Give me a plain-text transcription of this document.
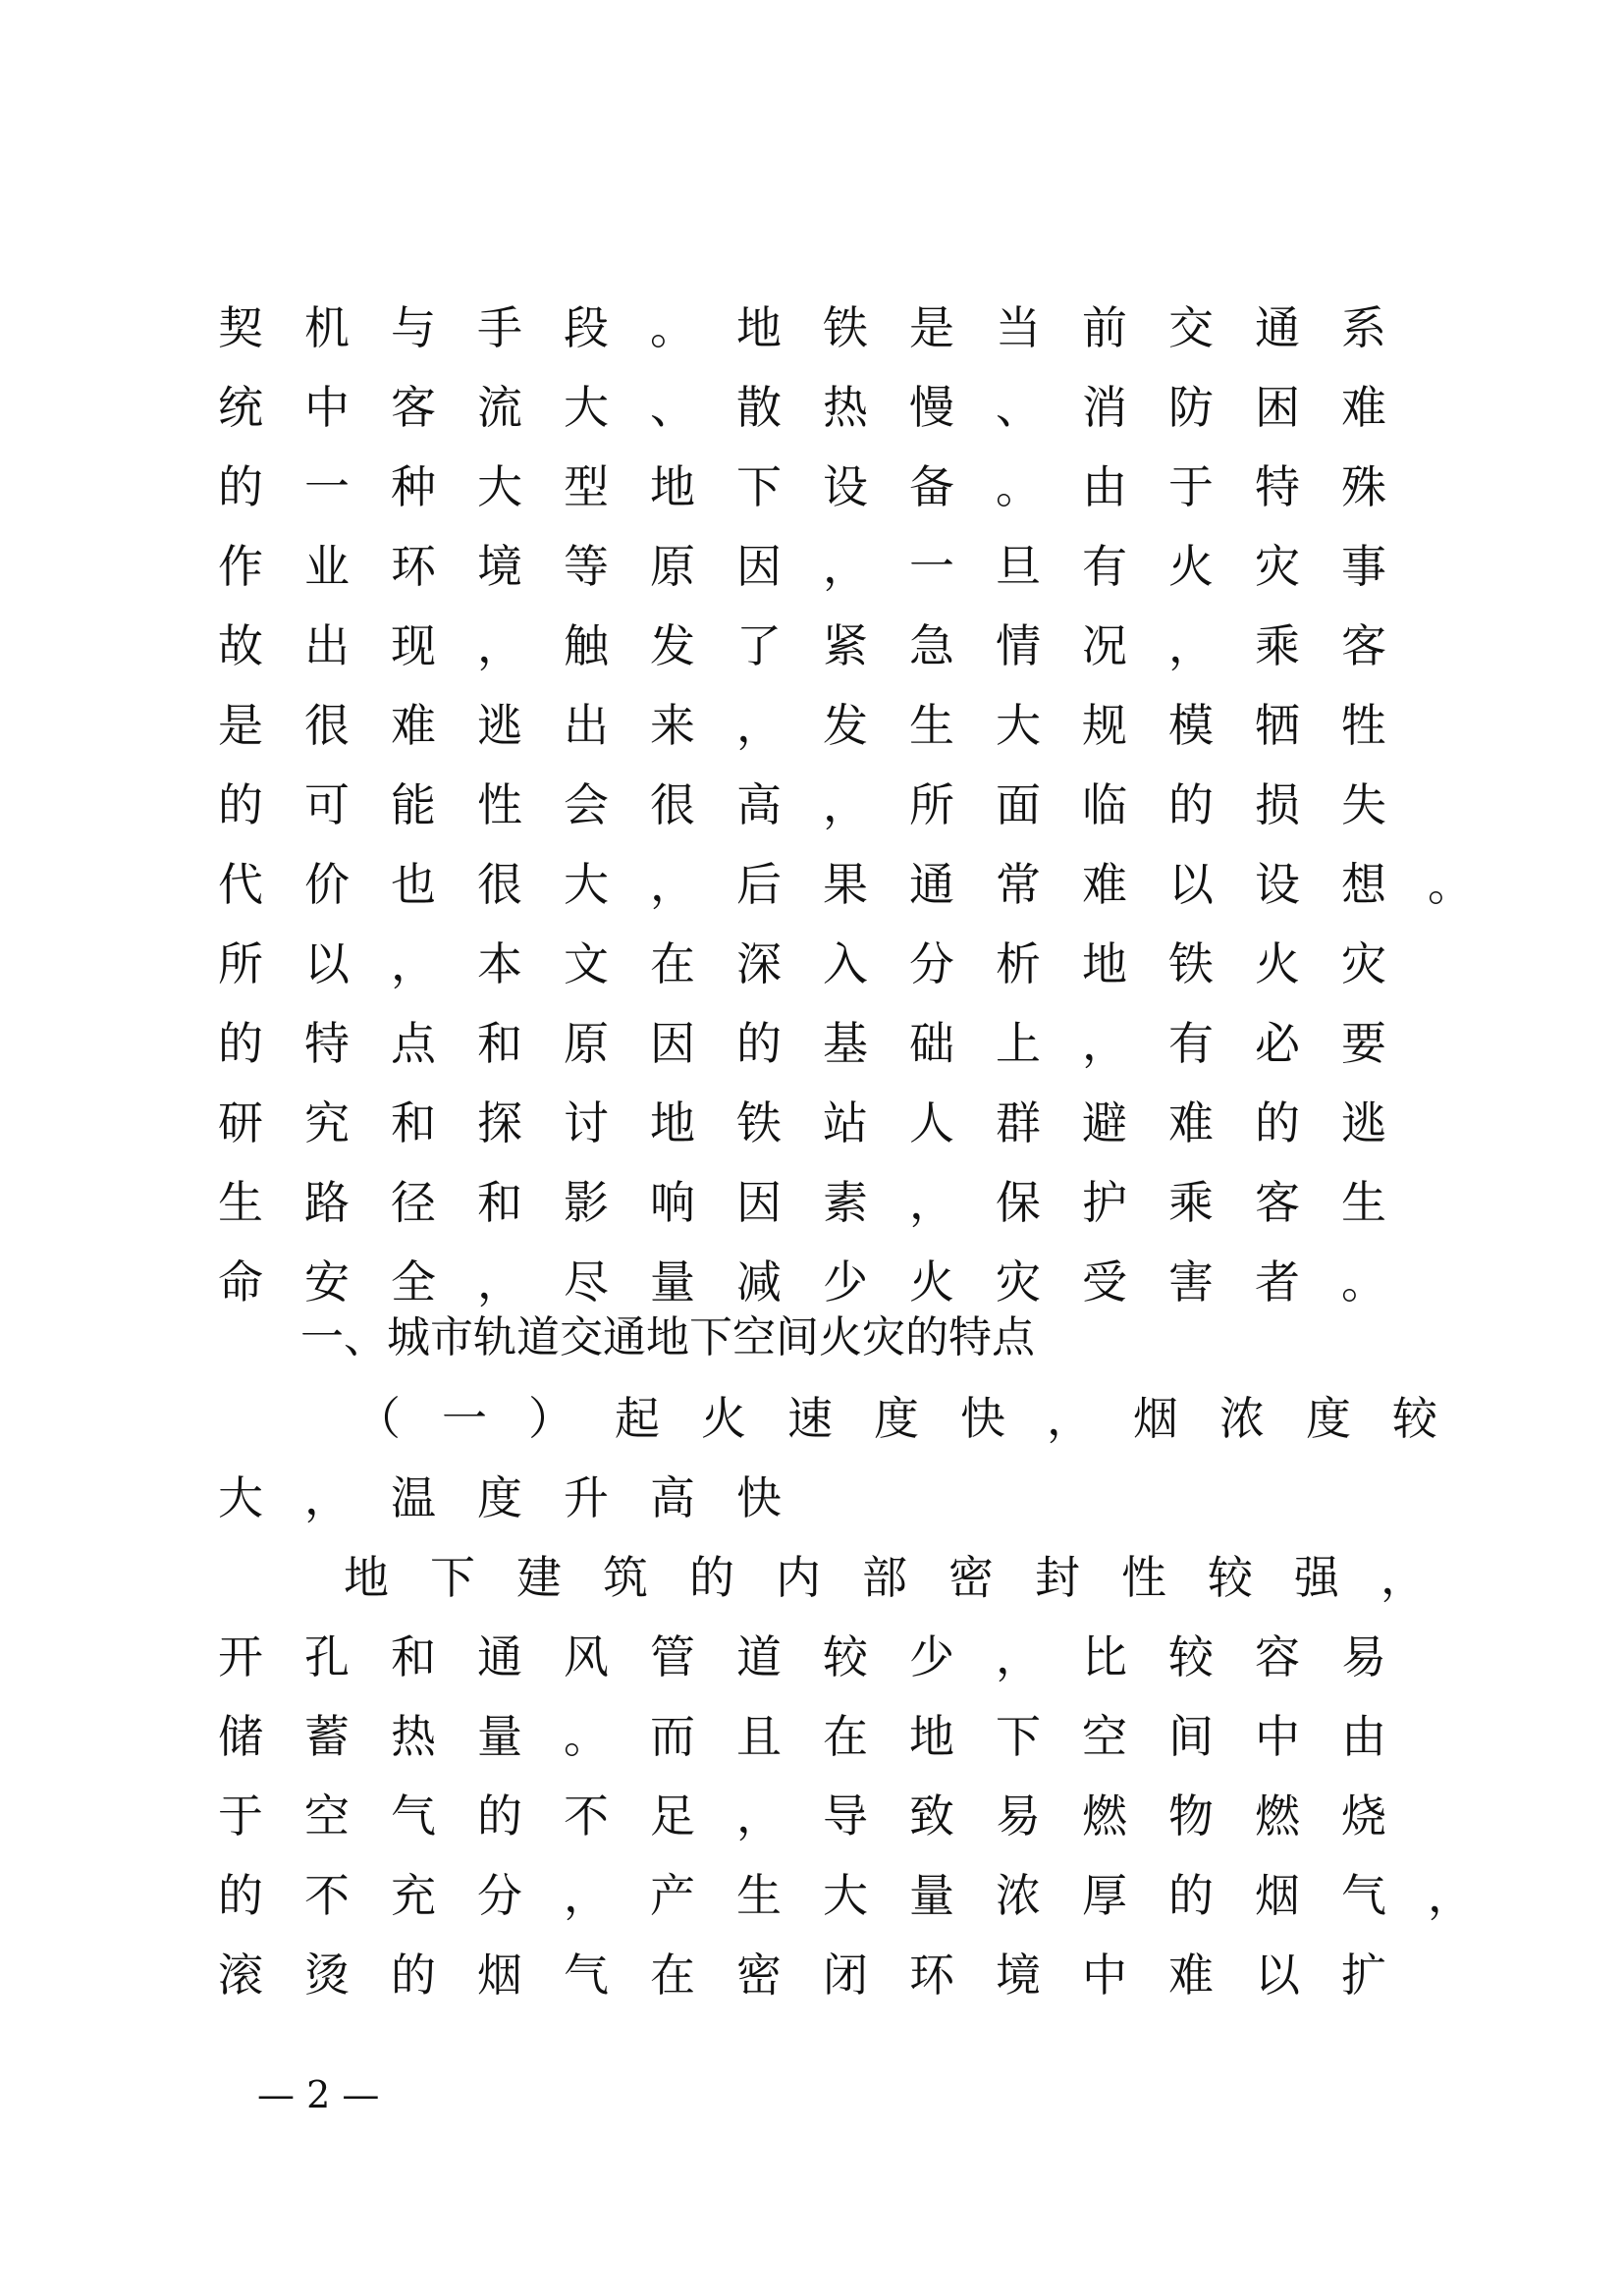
契 机 与 手 段 。 地 铁 是 当 前 交 通 系

统 中 客 流 大 、 散 热 慢 、 消 防 困 难

的 一 种 大 型 地 下 设 备 。 由 于 特 殊

作 业 环 境 等 原 因 ， 一 旦 有 火 灾 事

故 出 现 ， 触 发 了 紧 急 情 况 ， 乘 客

是 很 难 逃 出 来 ， 发 生 大 规 模 牺 牲

的 可 能 性 会 很 高 ， 所 面 临 的 损 失

代 价 也 很 大 ， 后 果 通 常 难 以 设 想 。

所 以 ， 本 文 在 深 入 分 析 地 铁 火 灾

的 特 点 和 原 因 的 基 础 上 ， 有 必 要

研 究 和 探 讨 地 铁 站 人 群 避 难 的 逃

生 路 径 和 影 响 因 素 ， 保 护 乘 客 生

命 安 全 ， 尽 量 减 少 火 灾 受 害 者 。

一、城市轨道交通地下空间火灾的特点

（ 一 ） 起 火 速 度 快 ， 烟 浓 度 较

大 ， 温 度 升 高 快

地 下 建 筑 的 内 部 密 封 性 较 强 ，

开 孔 和 通 风 管 道 较 少 ， 比 较 容 易

储 蓄 热 量 。 而 且 在 地 下 空 间 中 由

于 空 气 的 不 足 ， 导 致 易 燃 物 燃 烧

的 不 充 分 ， 产 生 大 量 浓 厚 的 烟 气 ，

滚 烫 的 烟 气 在 密 闭 环 境 中 难 以 扩

— 2 —
